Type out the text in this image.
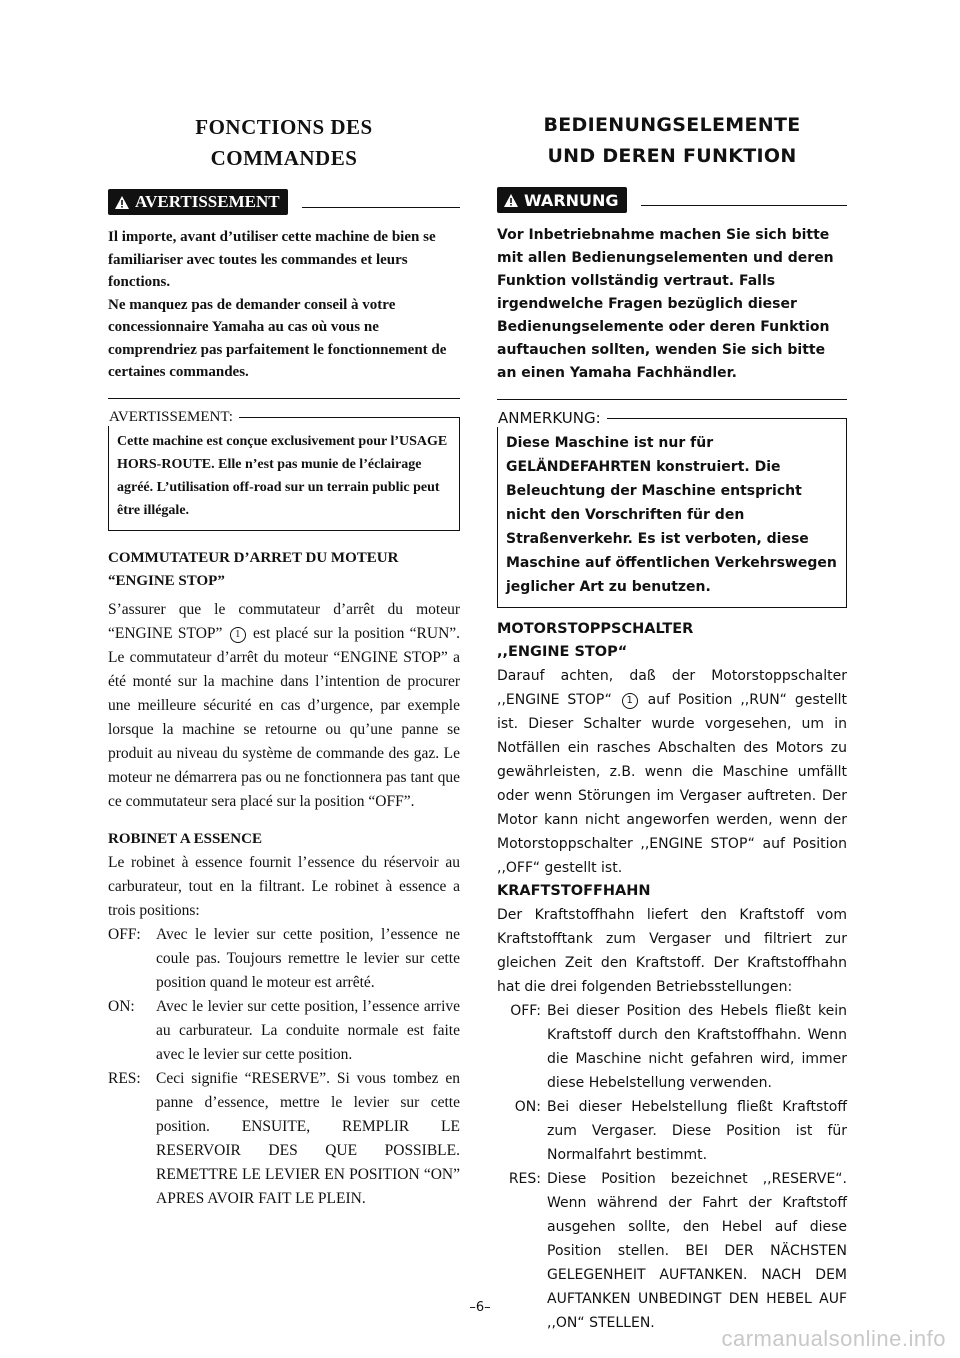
FONCTIONS DES
COMMANDES
AVERTISSEMENT

Il importe, avant d’utiliser cette machine de bien se familiariser avec toutes les commandes et leurs fonctions.
Ne manquez pas de demander conseil à votre concessionnaire Yamaha au cas où vous ne comprendriez pas parfaitement le fonctionnement de certaines commandes.

AVERTISSEMENT:

Cette machine est conçue exclusivement pour l’USAGE HORS-ROUTE. Elle n’est pas munie de l’éclairage agréé. L’utilisation off-road sur un terrain public peut être illégale.

COMMUTATEUR D’ARRET DU MOTEUR “ENGINE STOP”

S’assurer que le commutateur d’arrêt du moteur “ENGINE STOP” 1 est placé sur la position “RUN”. Le commutateur d’arrêt du moteur “ENGINE STOP” a été monté sur la machine dans l’intention de procurer une meilleure sécurité en cas d’urgence, par exemple lorsque la machine se retourne ou qu’une panne se produit au niveau du système de commande des gaz. Le moteur ne démarrera pas ou ne fonctionnera pas tant que ce commutateur sera placé sur la position “OFF”.

ROBINET A ESSENCE

Le robinet à essence fournit l’essence du réservoir au carburateur, tout en la filtrant. Le robinet à essence a trois positions:

OFF: Avec le levier sur cette position, l’essence ne coule pas. Toujours remettre le levier sur cette position quand le moteur est arrêté.
ON:	Avec le levier sur cette position, l’essence arrive au carburateur. La conduite normale est faite avec le levier sur cette position.
RES: Ceci signifie “RESERVE”. Si vous tombez en panne d’essence, mettre le levier sur cette position. ENSUITE, REMPLIR LE RESERVOIR DES QUE POSSIBLE. REMETTRE LE LEVIER EN POSITION “ON” APRES AVOIR FAIT LE PLEIN.
BEDIENUNGSELEMENTE
UND DEREN FUNKTION
WARNUNG

Vor Inbetriebnahme machen Sie sich bitte mit allen Bedienungselementen und deren Funktion vollständig vertraut. Falls irgendwelche Fragen bezüglich dieser Bedienungselemente oder deren Funktion auftauchen sollten, wenden Sie sich bitte an einen Yamaha Fachhändler.

ANMERKUNG:

Diese Maschine ist nur für GELÄNDEFAHRTEN konstruiert. Die Beleuchtung der Maschine entspricht nicht den Vorschriften für den Straßenverkehr. Es ist verboten, diese Maschine auf öffentlichen Verkehrswegen jeglicher Art zu benutzen.

MOTORSTOPPSCHALTER
,,ENGINE STOP“

Darauf achten, daß der Motorstoppschalter ,,ENGINE STOP“ 1 auf Position ,,RUN“ gestellt ist. Dieser Schalter wurde vorgesehen, um in Notfällen ein rasches Abschalten des Motors zu gewährleisten, z.B. wenn die Maschine umfällt oder wenn Störungen im Vergaser auftreten. Der Motor kann nicht angeworfen werden, wenn der Motorstoppschalter ,,ENGINE STOP“ auf Position ,,OFF“ gestellt ist.

KRAFTSTOFFHAHN

Der Kraftstoffhahn liefert den Kraftstoff vom Kraftstofftank zum Vergaser und filtriert zur gleichen Zeit den Kraftstoff. Der Kraftstoffhahn hat die drei folgenden Betriebsstellungen:

OFF: Bei dieser Position des Hebels fließt kein Kraftstoff durch den Kraftstoffhahn. Wenn die Maschine nicht gefahren wird, immer diese Hebelstellung verwenden.
ON: Bei dieser Hebelstellung fließt Kraftstoff zum Vergaser. Diese Position ist für Normalfahrt bestimmt.
RES: Diese Position bezeichnet ,,RESERVE“. Wenn während der Fahrt der Kraftstoff ausgehen sollte, den Hebel auf diese Position stellen. BEI DER NÄCHSTEN GELEGENHEIT AUFTANKEN. NACH DEM AUFTANKEN UNBEDINGT DEN HEBEL AUF ,,ON“ STELLEN.
–6–
carmanualsonline.info
